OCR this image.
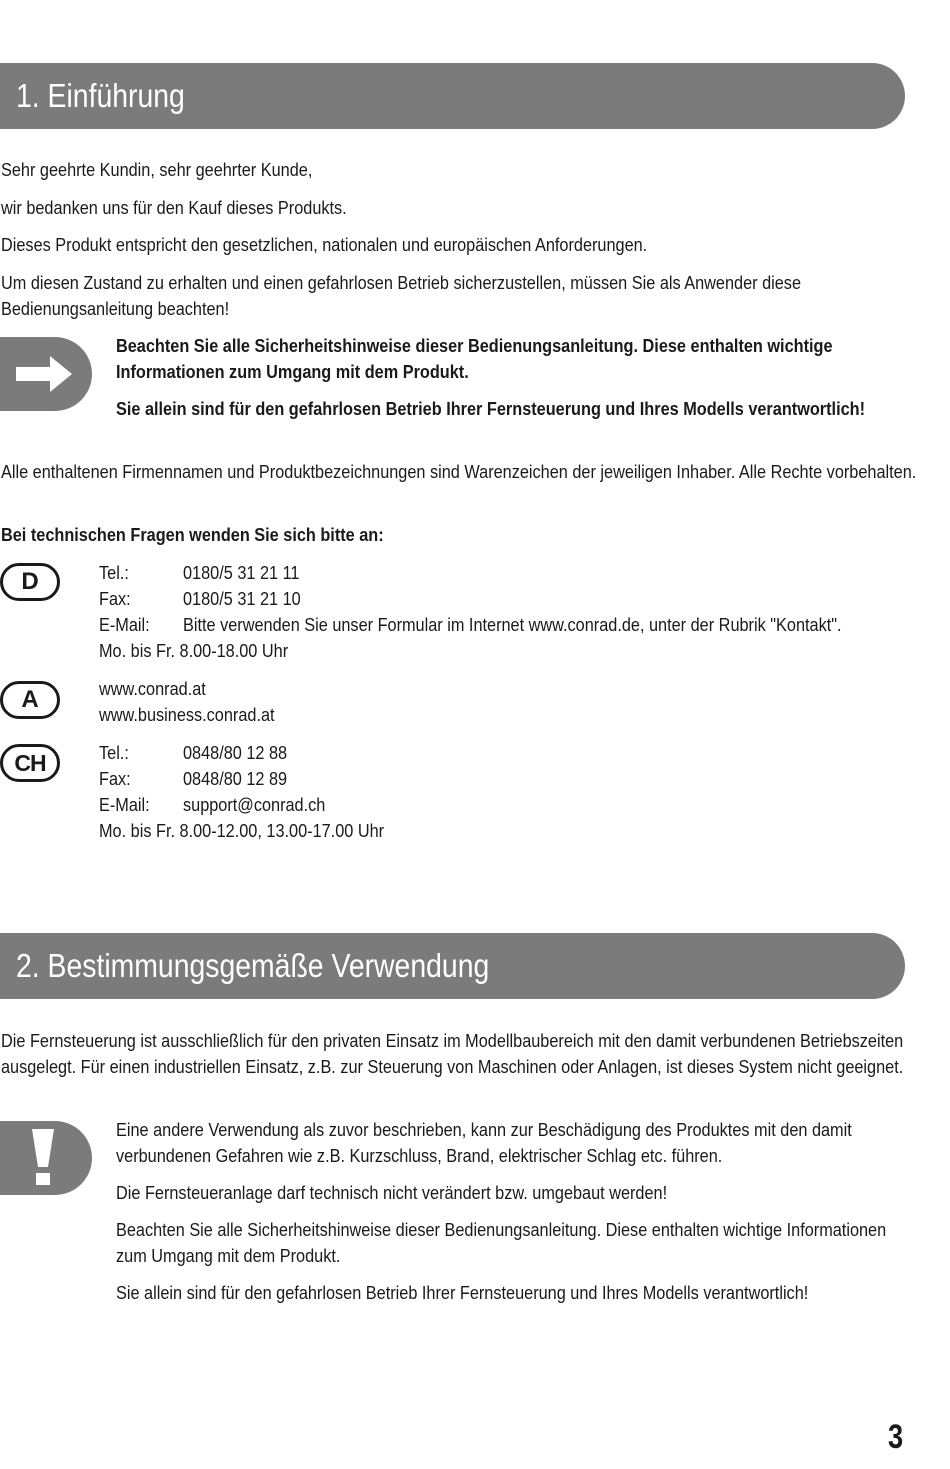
1. Einführung

Sehr geehrte Kundin, sehr geehrter Kunde,

wir bedanken uns für den Kauf dieses Produkts.

Dieses Produkt entspricht den gesetzlichen, nationalen und europäischen Anforderungen.

Um diesen Zustand zu erhalten und einen gefahrlosen Betrieb sicherzustellen, müssen Sie als Anwender diese Bedienungsanleitung beachten!

Beachten Sie alle Sicherheitshinweise dieser Bedienungsanleitung. Diese enthalten wichtige Informationen zum Umgang mit dem Produkt.

Sie allein sind für den gefahrlosen Betrieb Ihrer Fernsteuerung und Ihres Modells verantwortlich!

Alle enthaltenen Firmennamen und Produktbezeichnungen sind Warenzeichen der jeweiligen Inhaber. Alle Rechte vorbehalten.

Bei technischen Fragen wenden Sie sich bitte an:

D	Tel.:	0180/5 31 21 11
Fax:	0180/5 31 21 10
E-Mail: Bitte verwenden Sie unser Formular im Internet www.conrad.de, unter der Rubrik "Kontakt".
Mo. bis Fr. 8.00-18.00 Uhr
A	www.conrad.at
www.business.conrad.at
CH	Tel.:	0848/80 12 88
Fax:	0848/80 12 89
E-Mail: support@conrad.ch
Mo. bis Fr. 8.00-12.00, 13.00-17.00 Uhr
2. Bestimmungsgemäße Verwendung

Die Fernsteuerung ist ausschließlich für den privaten Einsatz im Modellbaubereich mit den damit verbundenen Betriebszeiten ausgelegt. Für einen industriellen Einsatz, z.B. zur Steuerung von Maschinen oder Anlagen, ist dieses System nicht geeignet.

Eine andere Verwendung als zuvor beschrieben, kann zur Beschädigung des Produktes mit den damit verbundenen Gefahren wie z.B. Kurzschluss, Brand, elektrischer Schlag etc. führen.

Die Fernsteueranlage darf technisch nicht verändert bzw. umgebaut werden!

Beachten Sie alle Sicherheitshinweise dieser Bedienungsanleitung. Diese enthalten wichtige Informationen zum Umgang mit dem Produkt.

Sie allein sind für den gefahrlosen Betrieb Ihrer Fernsteuerung und Ihres Modells verantwortlich!

3
